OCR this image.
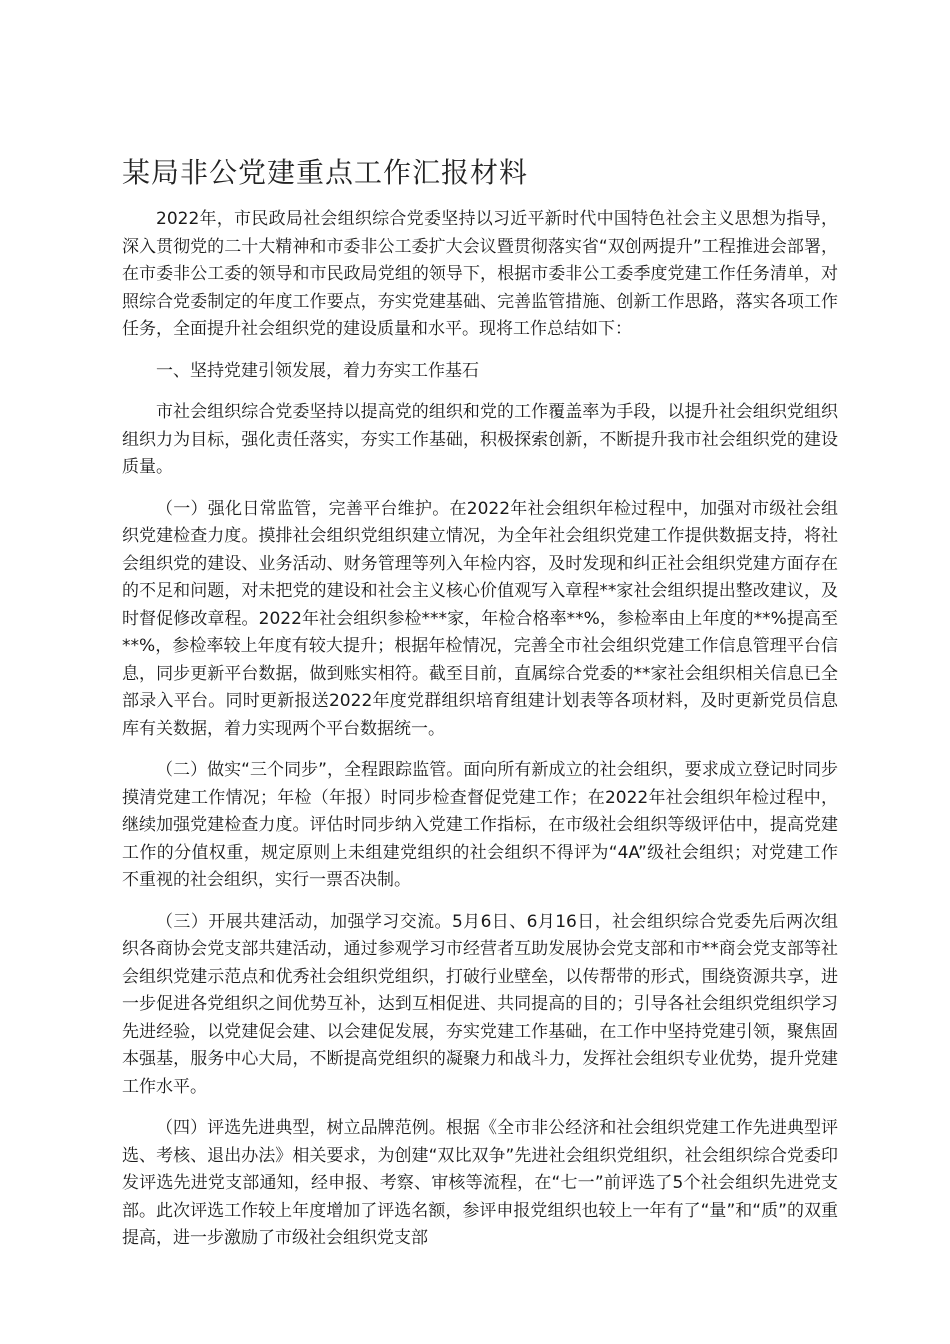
某局非公党建重点工作汇报材料

2022年，市民政局社会组织综合党委坚持以习近平新时代中国特色社会主义思想为指导，深入贯彻党的二十大精神和市委非公工委扩大会议暨贯彻落实省“双创两提升”工程推进会部署，在市委非公工委的领导和市民政局党组的领导下，根据市委非公工委季度党建工作任务清单，对照综合党委制定的年度工作要点，夯实党建基础、完善监管措施、创新工作思路，落实各项工作任务，全面提升社会组织党的建设质量和水平。现将工作总结如下：

一、坚持党建引领发展，着力夯实工作基石

市社会组织综合党委坚持以提高党的组织和党的工作覆盖率为手段，以提升社会组织党组织组织力为目标，强化责任落实，夯实工作基础，积极探索创新，不断提升我市社会组织党的建设质量。

（一）强化日常监管，完善平台维护。在2022年社会组织年检过程中，加强对市级社会组织党建检查力度。摸排社会组织党组织建立情况，为全年社会组织党建工作提供数据支持，将社会组织党的建设、业务活动、财务管理等列入年检内容，及时发现和纠正社会组织党建方面存在的不足和问题，对未把党的建设和社会主义核心价值观写入章程**家社会组织提出整改建议，及时督促修改章程。2022年社会组织参检***家，年检合格率**%，参检率由上年度的**%提高至**%，参检率较上年度有较大提升；根据年检情况，完善全市社会组织党建工作信息管理平台信息，同步更新平台数据，做到账实相符。截至目前，直属综合党委的**家社会组织相关信息已全部录入平台。同时更新报送2022年度党群组织培育组建计划表等各项材料，及时更新党员信息库有关数据，着力实现两个平台数据统一。

（二）做实“三个同步”，全程跟踪监管。面向所有新成立的社会组织，要求成立登记时同步摸清党建工作情况；年检（年报）时同步检查督促党建工作；在2022年社会组织年检过程中，继续加强党建检查力度。评估时同步纳入党建工作指标，在市级社会组织等级评估中，提高党建工作的分值权重，规定原则上未组建党组织的社会组织不得评为“4A”级社会组织；对党建工作不重视的社会组织，实行一票否决制。

（三）开展共建活动，加强学习交流。5月6日、6月16日，社会组织综合党委先后两次组织各商协会党支部共建活动，通过参观学习市经营者互助发展协会党支部和市**商会党支部等社会组织党建示范点和优秀社会组织党组织，打破行业壁垒，以传帮带的形式，围绕资源共享，进一步促进各党组织之间优势互补，达到互相促进、共同提高的目的；引导各社会组织党组织学习先进经验，以党建促会建、以会建促发展，夯实党建工作基础，在工作中坚持党建引领，聚焦固本强基，服务中心大局，不断提高党组织的凝聚力和战斗力，发挥社会组织专业优势，提升党建工作水平。

（四）评选先进典型，树立品牌范例。根据《全市非公经济和社会组织党建工作先进典型评选、考核、退出办法》相关要求，为创建“双比双争”先进社会组织党组织，社会组织综合党委印发评选先进党支部通知，经申报、考察、审核等流程，在“七一”前评选了5个社会组织先进党支部。此次评选工作较上年度增加了评选名额，参评申报党组织也较上一年有了“量”和“质”的双重提高，进一步激励了市级社会组织党支部
